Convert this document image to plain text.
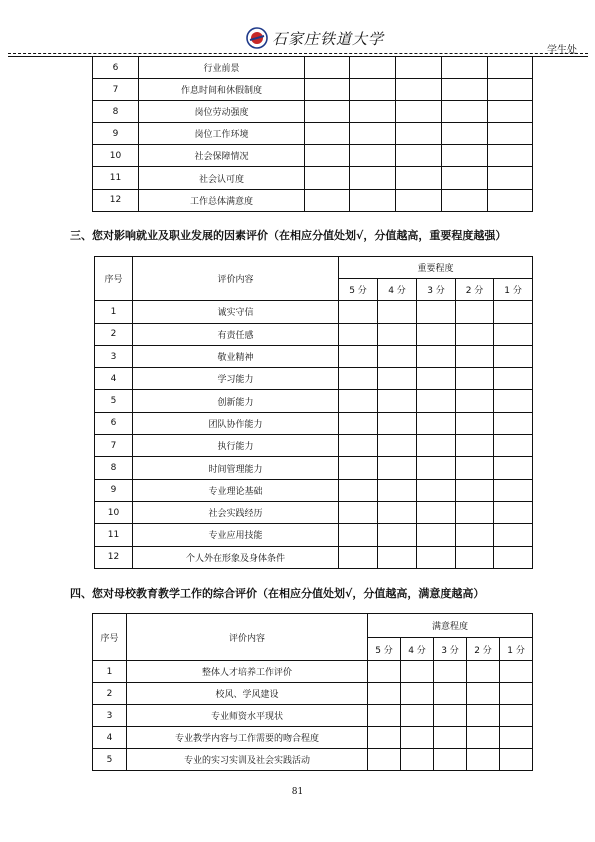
石家庄铁道大学
学生处
6	行业前景					
7	作息时间和休假制度					
8	岗位劳动强度					
9	岗位工作环境					
10	社会保障情况					
11	社会认可度					
12	工作总体满意度					
三、您对影响就业及职业发展的因素评价（在相应分值处划√，分值越高，重要程度越强）
序号	评价内容	重要程度				
		5 分	4 分	3 分	2 分	1 分
1	诚实守信					
2	有责任感					
3	敬业精神					
4	学习能力					
5	创新能力					
6	团队协作能力					
7	执行能力					
8	时间管理能力					
9	专业理论基础					
10	社会实践经历					
11	专业应用技能					
12	个人外在形象及身体条件					
四、您对母校教育教学工作的综合评价（在相应分值处划√，分值越高，满意度越高）
序号	评价内容	满意程度				
		5 分	4 分	3 分	2 分	1 分
1	整体人才培养工作评价					
2	校风、学风建设					
3	专业师资水平现状					
4	专业教学内容与工作需要的吻合程度					
5	专业的实习实训及社会实践活动					
81
